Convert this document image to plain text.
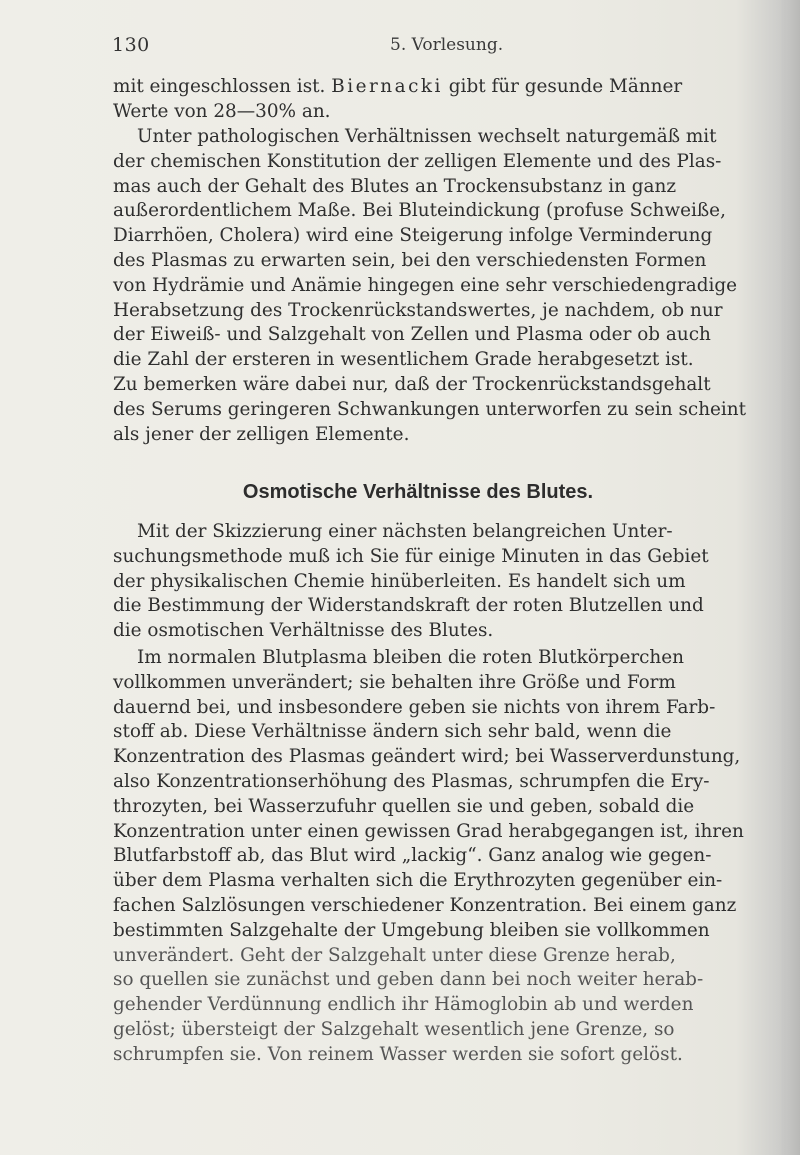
130	5. Vorlesung.

mit eingeschlossen ist. Biernacki gibt für gesunde Männer

Werte von 28—30% an.

Unter pathologischen Verhältnissen wechselt naturgemäß mit

der chemischen Konstitution der zelligen Elemente und des Plas-

mas auch der Gehalt des Blutes an Trockensubstanz in ganz

außerordentlichem Maße. Bei Bluteindickung (profuse Schweiße,

Diarrhöen, Cholera) wird eine Steigerung infolge Verminderung

des Plasmas zu erwarten sein, bei den verschiedensten Formen

von Hydrämie und Anämie hingegen eine sehr verschiedengradige

Herabsetzung des Trockenrückstandswertes, je nachdem, ob nur

der Eiweiß- und Salzgehalt von Zellen und Plasma oder ob auch

die Zahl der ersteren in wesentlichem Grade herabgesetzt ist.

Zu bemerken wäre dabei nur, daß der Trockenrückstandsgehalt

des Serums geringeren Schwankungen unterworfen zu sein scheint

als jener der zelligen Elemente.

Osmotische Verhältnisse des Blutes.

Mit der Skizzierung einer nächsten belangreichen Unter-

suchungsmethode muß ich Sie für einige Minuten in das Gebiet

der physikalischen Chemie hinüberleiten. Es handelt sich um

die Bestimmung der Widerstandskraft der roten Blutzellen und

die osmotischen Verhältnisse des Blutes.

Im normalen Blutplasma bleiben die roten Blutkörperchen

vollkommen unverändert; sie behalten ihre Größe und Form

dauernd bei, und insbesondere geben sie nichts von ihrem Farb-

stoff ab. Diese Verhältnisse ändern sich sehr bald, wenn die

Konzentration des Plasmas geändert wird; bei Wasserverdunstung,

also Konzentrationserhöhung des Plasmas, schrumpfen die Ery-

throzyten, bei Wasserzufuhr quellen sie und geben, sobald die

Konzentration unter einen gewissen Grad herabgegangen ist, ihren

Blutfarbstoff ab, das Blut wird „lackig“. Ganz analog wie gegen-

über dem Plasma verhalten sich die Erythrozyten gegenüber ein-

fachen Salzlösungen verschiedener Konzentration. Bei einem ganz

bestimmten Salzgehalte der Umgebung bleiben sie vollkommen

unverändert. Geht der Salzgehalt unter diese Grenze herab,

so quellen sie zunächst und geben dann bei noch weiter herab-

gehender Verdünnung endlich ihr Hämoglobin ab und werden

gelöst; übersteigt der Salzgehalt wesentlich jene Grenze, so

schrumpfen sie. Von reinem Wasser werden sie sofort gelöst.
